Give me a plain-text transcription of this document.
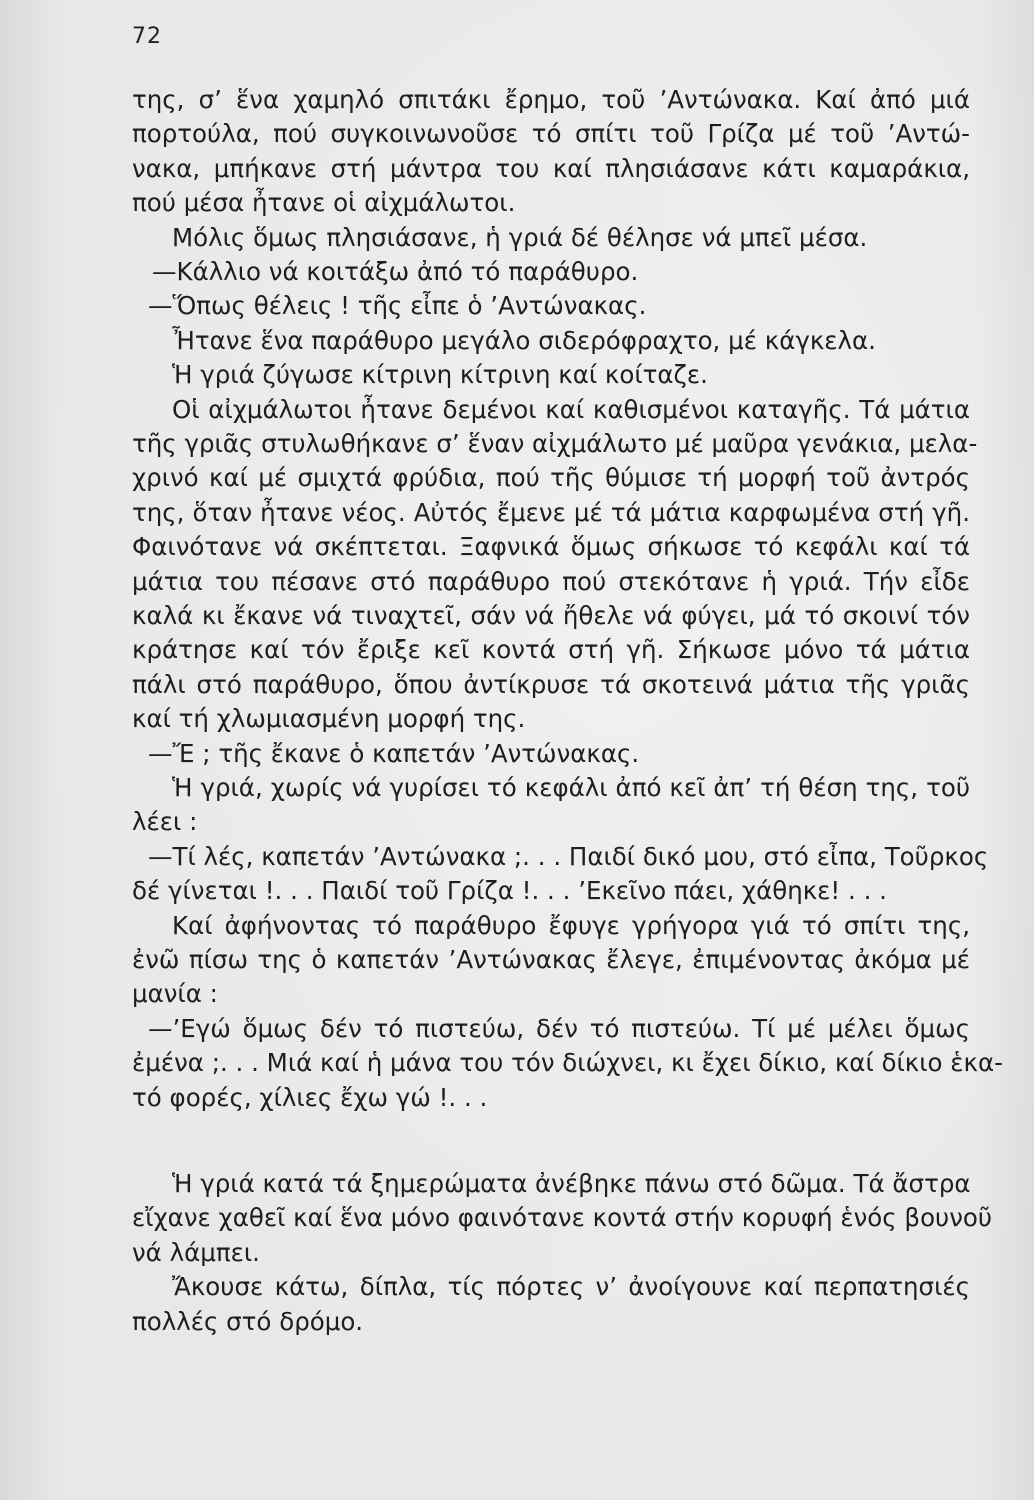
72
της, σ’ ἕνα χαμηλό σπιτάκι ἔρημο, τοῦ ’Αντώνακα. Καί ἀπό μιά
πορτούλα, πού συγκοινωνοῦσε τό σπίτι τοῦ Γρίζα μέ τοῦ ’Αντώ-
νακα, μπήκανε στή μάντρα του καί πλησιάσανε κάτι καμαράκια,
πού μέσα ἦτανε οἱ αἰχμάλωτοι.
Μόλις ὅμως πλησιάσανε, ἡ γριά δέ θέλησε νά μπεῖ μέσα.
—Κάλλιο νά κοιτάξω ἀπό τό παράθυρο.
—Ὅπως θέλεις ! τῆς εἶπε ὁ ’Αντώνακας.
Ἦτανε ἕνα παράθυρο μεγάλο σιδερόφραχτο, μέ κάγκελα.
Ἡ γριά ζύγωσε κίτρινη κίτρινη καί κοίταζε.
Οἱ αἰχμάλωτοι ἦτανε δεμένοι καί καθισμένοι καταγῆς. Τά μάτια
τῆς γριᾶς στυλωθήκανε σ’ ἕναν αἰχμάλωτο μέ μαῦρα γενάκια, μελα-
χρινό καί μέ σμιχτά φρύδια, πού τῆς θύμισε τή μορφή τοῦ ἀντρός
της, ὅταν ἦτανε νέος. Αὐτός ἔμενε μέ τά μάτια καρφωμένα στή γῆ.
Φαινότανε νά σκέπτεται. Ξαφνικά ὅμως σήκωσε τό κεφάλι καί τά
μάτια του πέσανε στό παράθυρο πού στεκότανε ἡ γριά. Τήν εἶδε
καλά κι ἔκανε νά τιναχτεῖ, σάν νά ἤθελε νά φύγει, μά τό σκοινί τόν
κράτησε καί τόν ἔριξε κεῖ κοντά στή γῆ. Σήκωσε μόνο τά μάτια
πάλι στό παράθυρο, ὅπου ἀντίκρυσε τά σκοτεινά μάτια τῆς γριᾶς
καί τή χλωμιασμένη μορφή της.
—Ἔ ; τῆς ἔκανε ὁ καπετάν ’Αντώνακας.
Ἡ γριά, χωρίς νά γυρίσει τό κεφάλι ἀπό κεῖ ἀπ’ τή θέση της, τοῦ
λέει :
—Τί λές, καπετάν ’Αντώνακα ;. . . Παιδί δικό μου, στό εἶπα, Τοῦρκος
δέ γίνεται !. . . Παιδί τοῦ Γρίζα !. . . ’Εκεῖνο πάει, χάθηκε! . . .
Καί ἀφήνοντας τό παράθυρο ἔφυγε γρήγορα γιά τό σπίτι της,
ἐνῶ πίσω της ὁ καπετάν ’Αντώνακας ἔλεγε, ἐπιμένοντας ἀκόμα μέ
μανία :
—’Εγώ ὅμως δέν τό πιστεύω, δέν τό πιστεύω. Τί μέ μέλει ὅμως
ἐμένα ;. . . Μιά καί ἡ μάνα του τόν διώχνει, κι ἔχει δίκιο, καί δίκιο ἑκα-
τό φορές, χίλιες ἔχω γώ !. . .
Ἡ γριά κατά τά ξημερώματα ἀνέβηκε πάνω στό δῶμα. Τά ἄστρα
εἴχανε χαθεῖ καί ἕνα μόνο φαινότανε κοντά στήν κορυφή ἑνός βουνοῦ
νά λάμπει.
Ἄκουσε κάτω, δίπλα, τίς πόρτες ν’ ἀνοίγουνε καί περπατησιές
πολλές στό δρόμο.
